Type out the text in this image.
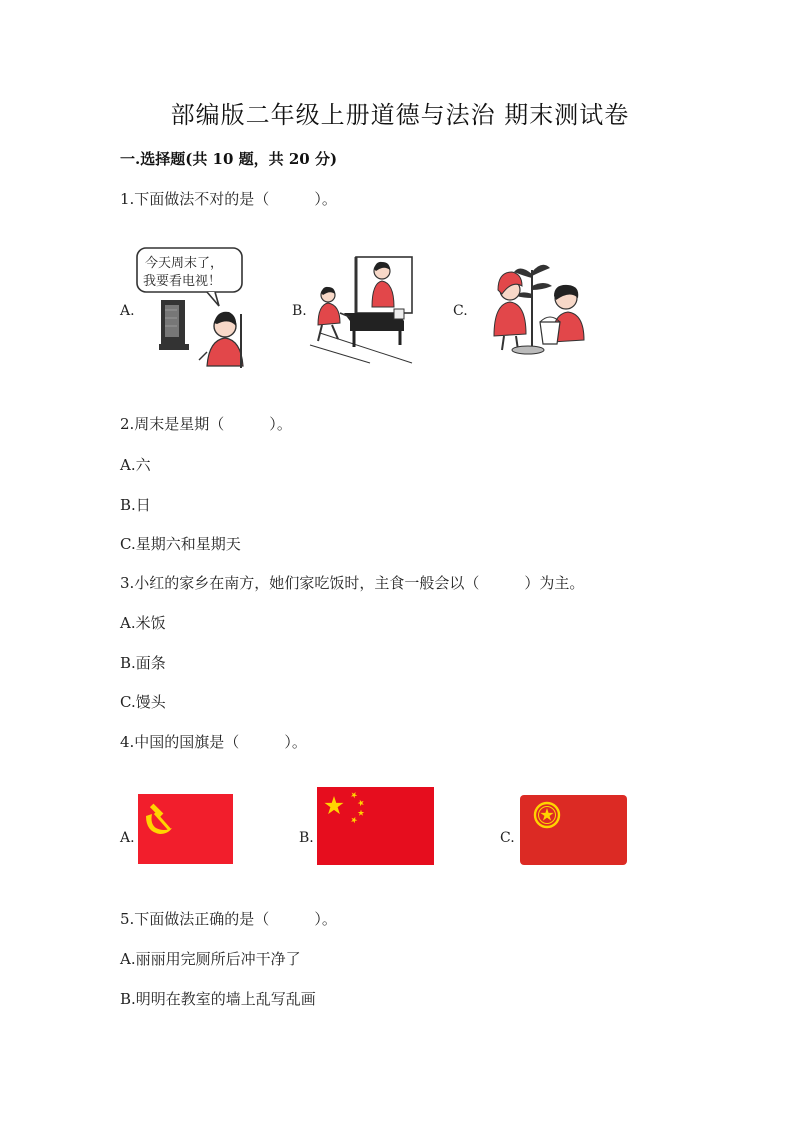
部编版二年级上册道德与法治 期末测试卷
一.选择题(共 10 题，共 20 分)
1.下面做法不对的是（　　　）。
A.
今天周末了，
我要看电视！
B.	C.
2.周末是星期（　　　）。
A.六
B.日
C.星期六和星期天
3.小红的家乡在南方，她们家吃饭时，主食一般会以（　　　）为主。
A.米饭
B.面条
C.馒头
4.中国的国旗是（　　　）。
A.	B.	C.
5.下面做法正确的是（　　　）。
A.丽丽用完厕所后冲干净了
B.明明在教室的墙上乱写乱画
